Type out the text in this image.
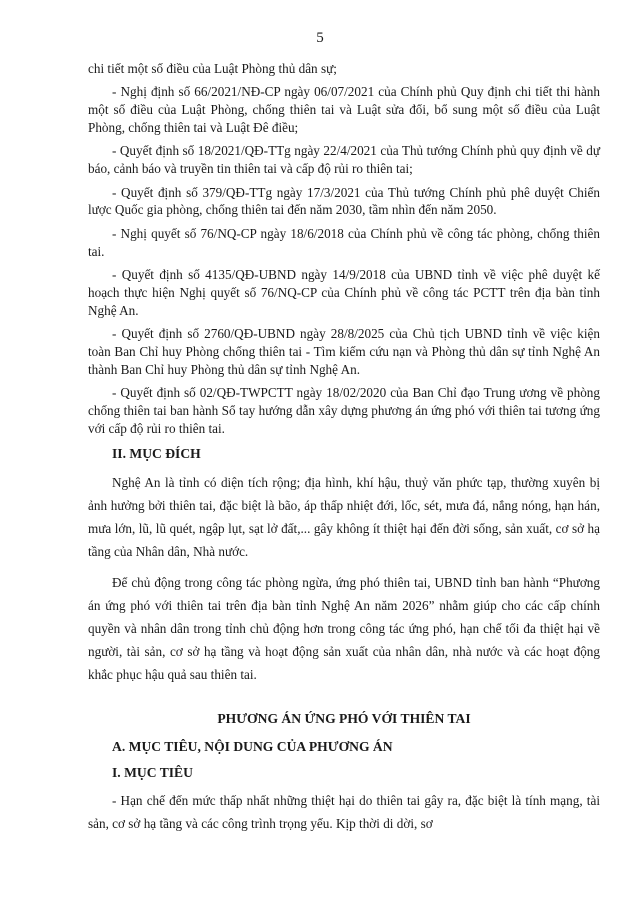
5

chi tiết một số điều của Luật Phòng thủ dân sự;

- Nghị định số 66/2021/NĐ-CP ngày 06/07/2021 của Chính phủ Quy định chi tiết thi hành một số điều của Luật Phòng, chống thiên tai và Luật sửa đổi, bổ sung một số điều của Luật Phòng, chống thiên tai và Luật Đê điều;

- Quyết định số 18/2021/QĐ-TTg ngày 22/4/2021 của Thủ tướng Chính phủ quy định về dự báo, cảnh báo và truyền tin thiên tai và cấp độ rủi ro thiên tai;

- Quyết định số 379/QĐ-TTg ngày 17/3/2021 của Thủ tướng Chính phủ phê duyệt Chiến lược Quốc gia phòng, chống thiên tai đến năm 2030, tầm nhìn đến năm 2050.

- Nghị quyết số 76/NQ-CP ngày 18/6/2018 của Chính phủ về công tác phòng, chống thiên tai.

- Quyết định số 4135/QĐ-UBND ngày 14/9/2018 của UBND tỉnh về việc phê duyệt kế hoạch thực hiện Nghị quyết số 76/NQ-CP của Chính phủ về công tác PCTT trên địa bàn tỉnh Nghệ An.

- Quyết định số 2760/QĐ-UBND ngày 28/8/2025 của Chủ tịch UBND tỉnh về việc kiện toàn Ban Chỉ huy Phòng chống thiên tai - Tìm kiếm cứu nạn và Phòng thủ dân sự tỉnh Nghệ An thành Ban Chỉ huy Phòng thủ dân sự tỉnh Nghệ An.

- Quyết định số 02/QĐ-TWPCTT ngày 18/02/2020 của Ban Chỉ đạo Trung ương về phòng chống thiên tai ban hành Sổ tay hướng dẫn xây dựng phương án ứng phó với thiên tai tương ứng với cấp độ rủi ro thiên tai.

II. MỤC ĐÍCH

Nghệ An là tỉnh có diện tích rộng; địa hình, khí hậu, thuỷ văn phức tạp, thường xuyên bị ảnh hưởng bởi thiên tai, đặc biệt là bão, áp thấp nhiệt đới, lốc, sét, mưa đá, nắng nóng, hạn hán, mưa lớn, lũ, lũ quét, ngập lụt, sạt lở đất,... gây không ít thiệt hại đến đời sống, sản xuất, cơ sở hạ tầng của Nhân dân, Nhà nước.

Để chủ động trong công tác phòng ngừa, ứng phó thiên tai, UBND tỉnh ban hành “Phương án ứng phó với thiên tai trên địa bàn tỉnh Nghệ An năm 2026” nhằm giúp cho các cấp chính quyền và nhân dân trong tỉnh chủ động hơn trong công tác ứng phó, hạn chế tối đa thiệt hại về người, tài sản, cơ sở hạ tầng và hoạt động sản xuất của nhân dân, nhà nước và các hoạt động khắc phục hậu quả sau thiên tai.

PHƯƠNG ÁN ỨNG PHÓ VỚI THIÊN TAI

A. MỤC TIÊU, NỘI DUNG CỦA PHƯƠNG ÁN

I. MỤC TIÊU

- Hạn chế đến mức thấp nhất những thiệt hại do thiên tai gây ra, đặc biệt là tính mạng, tài sản, cơ sở hạ tầng và các công trình trọng yếu. Kịp thời di dời, sơ
